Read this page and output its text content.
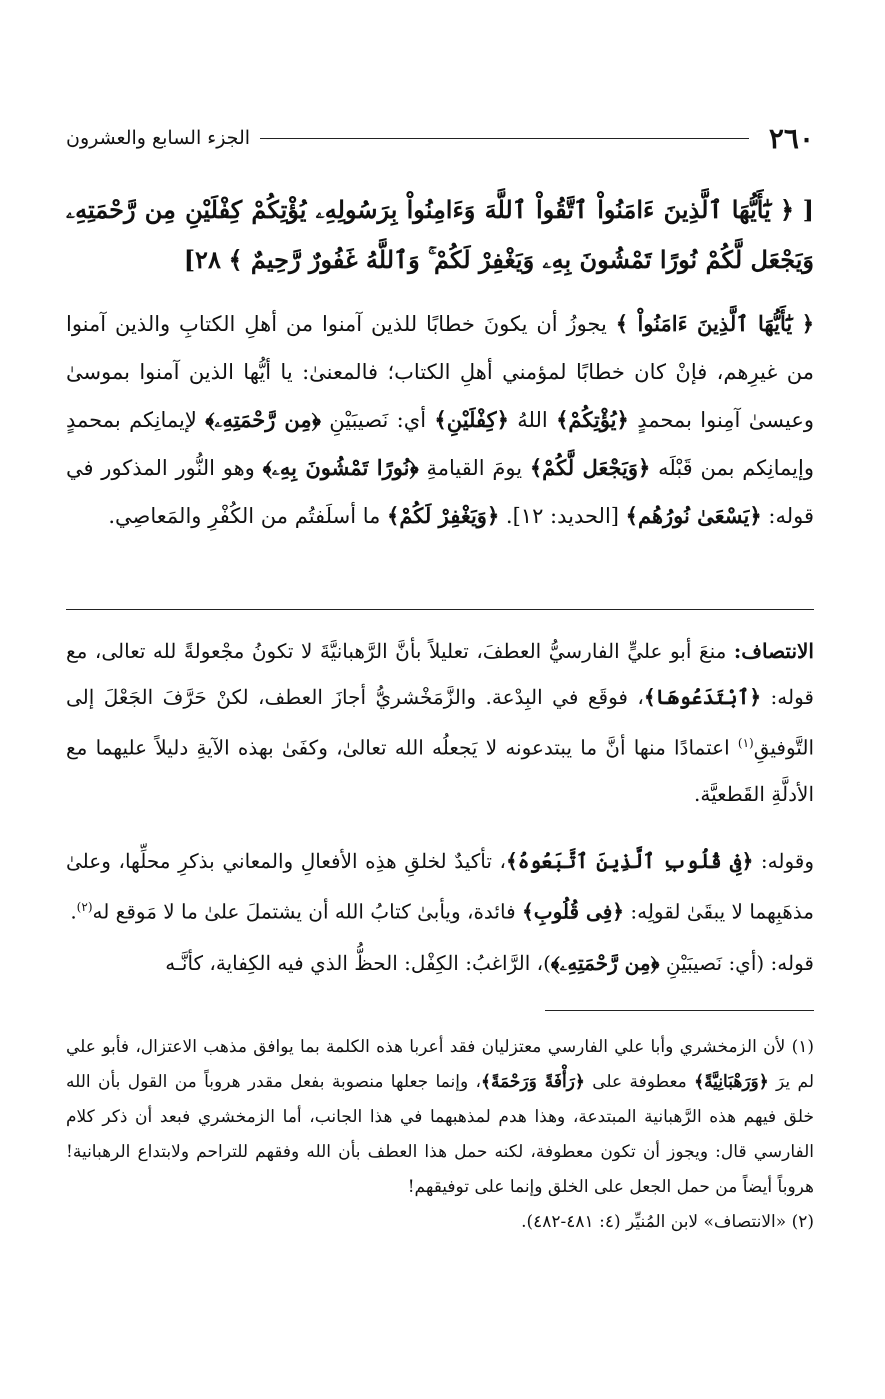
٢٦٠
الجزء السابع والعشرون
[ ﴿ يَٰٓأَيُّهَا ٱلَّذِينَ ءَامَنُواْ ٱتَّقُواْ ٱللَّهَ وَءَامِنُواْ بِرَسُولِهِۦ يُؤْتِكُمْ كِفْلَيْنِ مِن رَّحْمَتِهِۦ وَيَجْعَل لَّكُمْ نُورًا تَمْشُونَ بِهِۦ وَيَغْفِرْ لَكُمْ ۚ وَٱللَّهُ غَفُورٌ رَّحِيمٌ ﴾ ٢٨]
﴿ يَٰٓأَيُّهَا ٱلَّذِينَ ءَامَنُواْ ﴾ يجوزُ أن يكونَ خطابًا للذين آمنوا من أهلِ الكتابِ والذين آمنوا من غيرِهم، فإنْ كان خطابًا لمؤمني أهلِ الكتاب؛ فالمعنىٰ: يا أيُّها الذين آمنوا بموسىٰ وعيسىٰ آمِنوا بمحمدٍ ﴿يُؤْتِكُمْ﴾ اللهُ ﴿كِفْلَيْنِ﴾ أي: نَصيبَيْنِ ﴿مِن رَّحْمَتِهِۦ﴾ لإيمانِكم بمحمدٍ وإيمانِكم بمن قَبْلَه ﴿وَيَجْعَل لَّكُمْ﴾ يومَ القيامةِ ﴿نُورًا تَمْشُونَ بِهِۦ﴾ وهو النُّور المذكور في قوله: ﴿يَسْعَىٰ نُورُهُم﴾ [الحديد: ١٢]. ﴿وَيَغْفِرْ لَكُمْ﴾ ما أسلَفتُم من الكُفْرِ والمَعاصِي.
الانتصاف: منعَ أبو عليٍّ الفارسيُّ العطفَ، تعليلاً بأنَّ الرَّهبانيَّةَ لا تكونُ مجْعولةً لله تعالى، مع قوله: ﴿ٱبْتَدَعُوهَا﴾، فوقَع في البِدْعة. والزَّمَخْشريُّ أجازَ العطف، لكنْ حَرَّفَ الجَعْلَ إلى التَّوفيقِ$^{(١)}$ اعتمادًا منها أنَّ ما يبتدعونه لا يَجعلُه الله تعالىٰ، وكفَىٰ بهذه الآيةِ دليلاً عليهما مع الأدلَّةِ القَطعيَّة.
وقوله: ﴿فِى قُلُوبِ ٱلَّذِينَ ٱتَّبَعُوهُ﴾، تأكيدٌ لخلقِ هذِه الأفعالِ والمعاني بذكرِ محلِّها، وعلىٰ مذهَبِهما لا يبقَىٰ لقولِه: ﴿فِى قُلُوبِ﴾ فائدة، ويأبىٰ كتابُ الله أن يشتملَ علىٰ ما لا مَوقع له$^{(٢)}$.
قوله: (أي: نَصيبَيْنِ ﴿مِن رَّحْمَتِهِۦ﴾)، الرَّاغبُ: الكِفْل: الحظُّ الذي فيه الكِفاية، كأنَّـه

(١) لأن الزمخشري وأبا علي الفارسي معتزليان فقد أعربا هذه الكلمة بما يوافق مذهب الاعتزال، فأبو علي لم يرَ ﴿وَرَهْبَانِيَّةً﴾ معطوفة على ﴿رَأْفَةً وَرَحْمَةً﴾، وإنما جعلها منصوبة بفعل مقدر هروباً من القول بأن الله خلق فيهم هذه الرَّهبانية المبتدعة، وهذا هدم لمذهبهما في هذا الجانب، أما الزمخشري فبعد أن ذكر كلام الفارسي قال: ويجوز أن تكون معطوفة، لكنه حمل هذا العطف بأن الله وفقهم للتراحم ولابتداع الرهبانية! هروباً أيضاً من حمل الجعل على الخلق وإنما على توفيقهم!

(٢) «الانتصاف» لابن المُنيِّر (٤: ٤٨١-٤٨٢).
